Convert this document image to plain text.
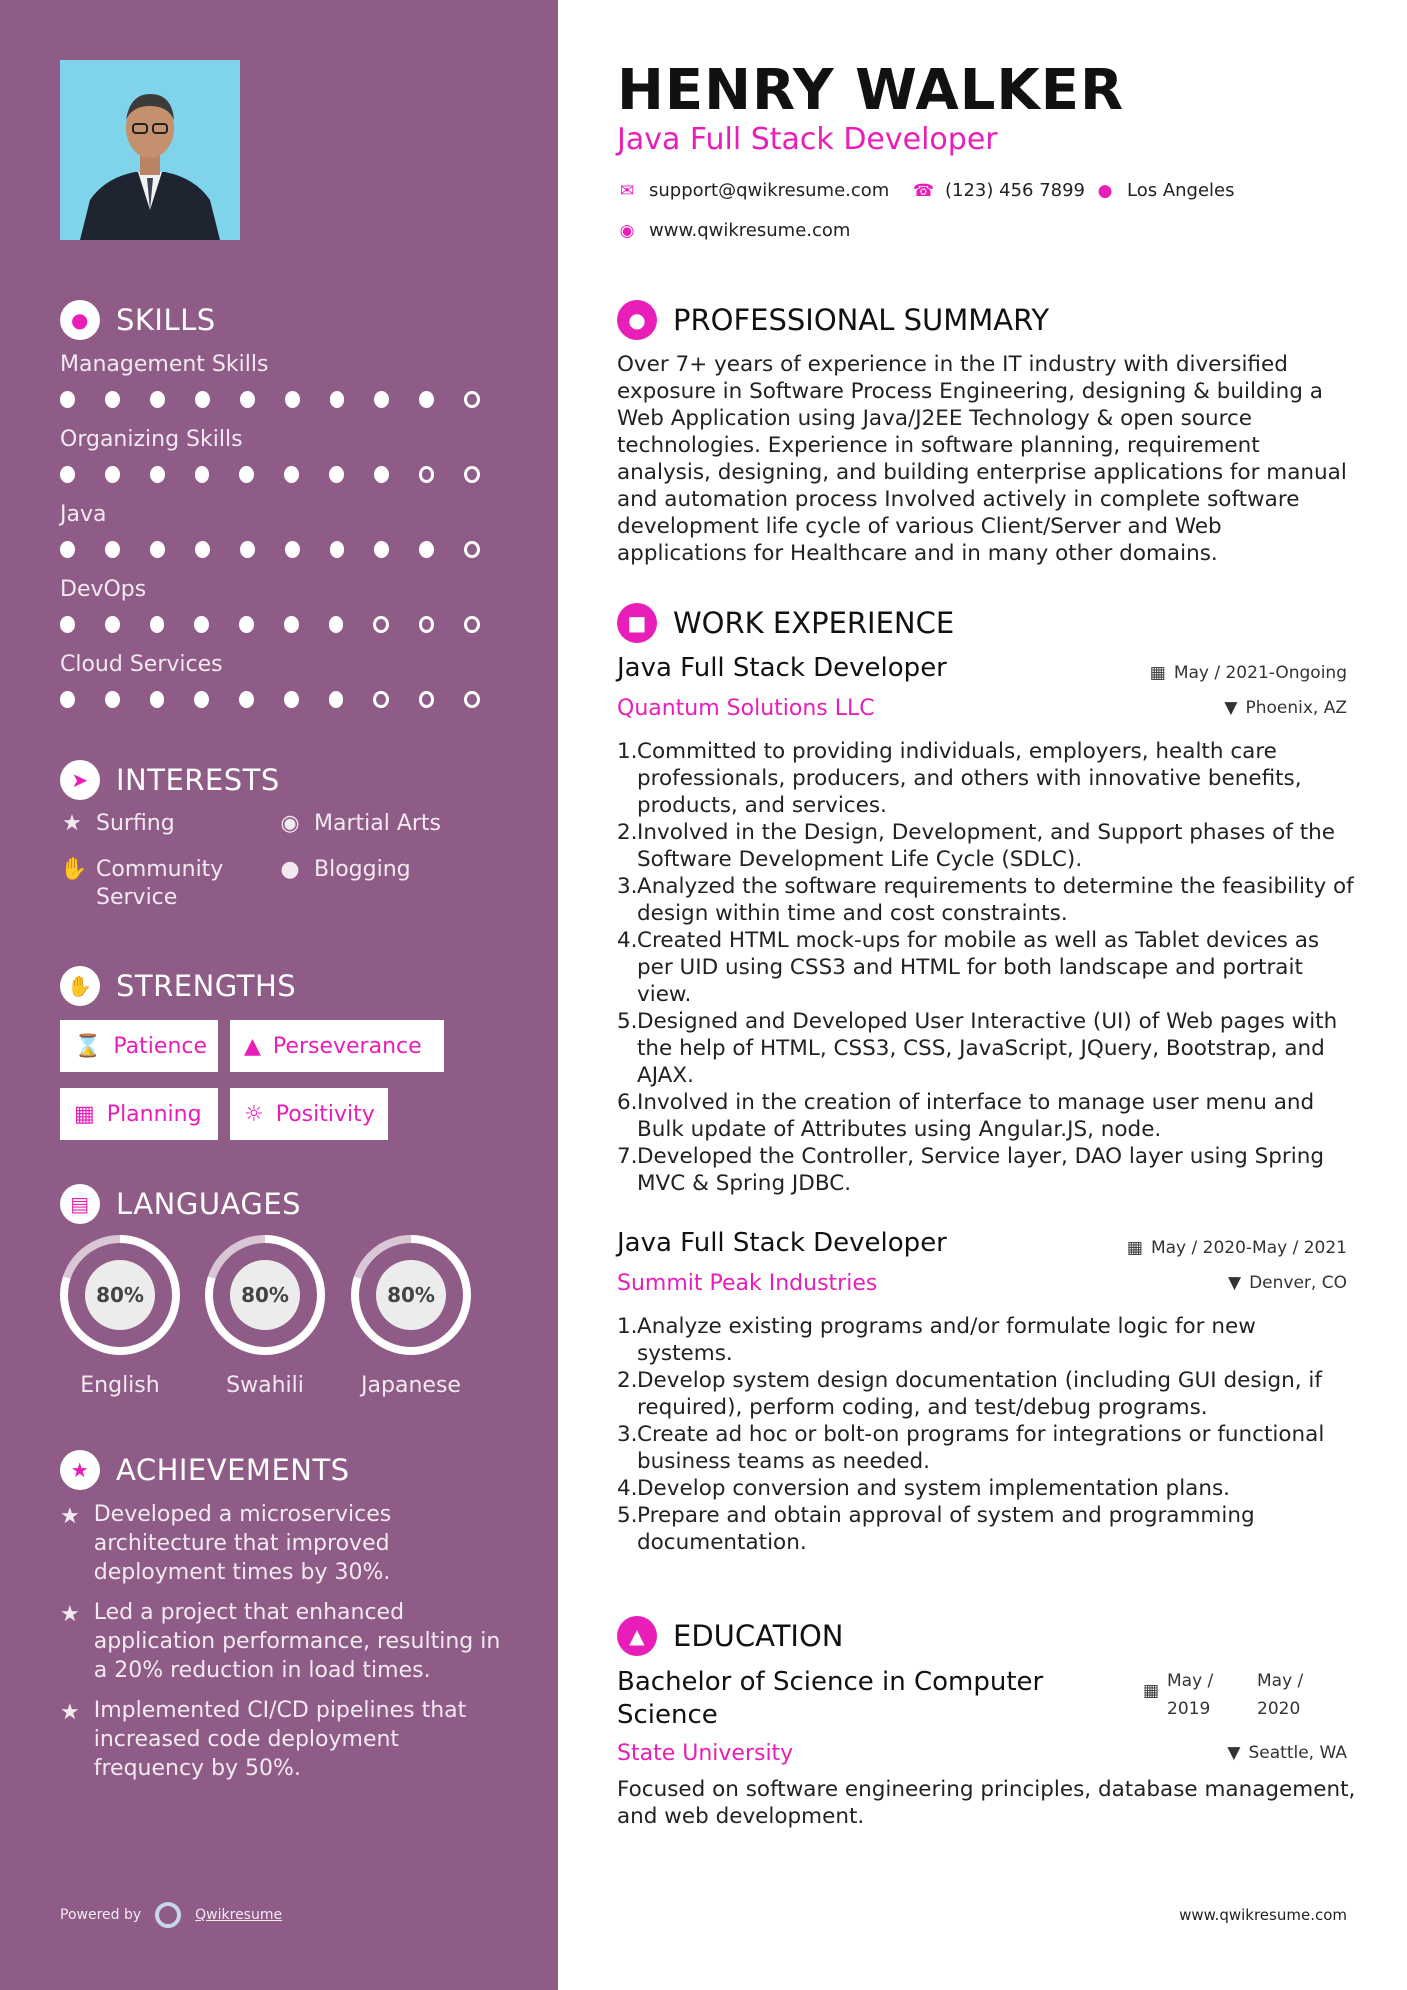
● SKILLS
Management Skills
Organizing Skills
Java
DevOps
Cloud Services
➤ INTERESTS
★ Surfing	◉ Martial Arts
✋ Community Service
● Blogging
✋ STRENGTHS
⌛ Patience ▲ Perseverance
▦ Planning ☼ Positivity
▤ LANGUAGES
80%
English
80%
Swahili
80%
Japanese
★ ACHIEVEMENTS
★ Developed a microservices architecture that improved deployment times by 30%.
★ Led a project that enhanced application performance, resulting in a 20% reduction in load times.
★ Implemented CI/CD pipelines that increased code deployment frequency by 50%.
Powered by	Qwikresume
HENRY WALKER
Java Full Stack Developer
✉ support@qwikresume.com ☎ (123) 456 7899 ● Los Angeles
◉ www.qwikresume.com
● PROFESSIONAL SUMMARY
Over 7+ years of experience in the IT industry with diversified exposure in Software Process Engineering, designing & building a Web Application using Java/J2EE Technology & open source technologies. Experience in software planning, requirement analysis, designing, and building enterprise applications for manual and automation process Involved actively in complete software development life cycle of various Client/Server and Web applications for Healthcare and in many other domains.
■ WORK EXPERIENCE
Java Full Stack Developer	▦ May / 2021-Ongoing
Quantum Solutions LLC	▼ Phoenix, AZ
1. Committed to providing individuals, employers, health care professionals, producers, and others with innovative benefits, products, and services.
2. Involved in the Design, Development, and Support phases of the Software Development Life Cycle (SDLC).
3. Analyzed the software requirements to determine the feasibility of design within time and cost constraints.
4. Created HTML mock-ups for mobile as well as Tablet devices as per UID using CSS3 and HTML for both landscape and portrait view.
5. Designed and Developed User Interactive (UI) of Web pages with the help of HTML, CSS3, CSS, JavaScript, JQuery, Bootstrap, and AJAX.
6. Involved in the creation of interface to manage user menu and Bulk update of Attributes using Angular.JS, node.
7. Developed the Controller, Service layer, DAO layer using Spring MVC & Spring JDBC.
Java Full Stack Developer	▦ May / 2020-May / 2021
Summit Peak Industries	▼ Denver, CO
1. Analyze existing programs and/or formulate logic for new systems.
2. Develop system design documentation (including GUI design, if required), perform coding, and test/debug programs.
3. Create ad hoc or bolt-on programs for integrations or functional business teams as needed.
4. Develop conversion and system implementation plans.
5. Prepare and obtain approval of system and programming documentation.
▲ EDUCATION
Bachelor of Science in Computer Science
▦ May / 2019
May / 2020
State University	▼ Seattle, WA
Focused on software engineering principles, database management, and web development.
www.qwikresume.com
